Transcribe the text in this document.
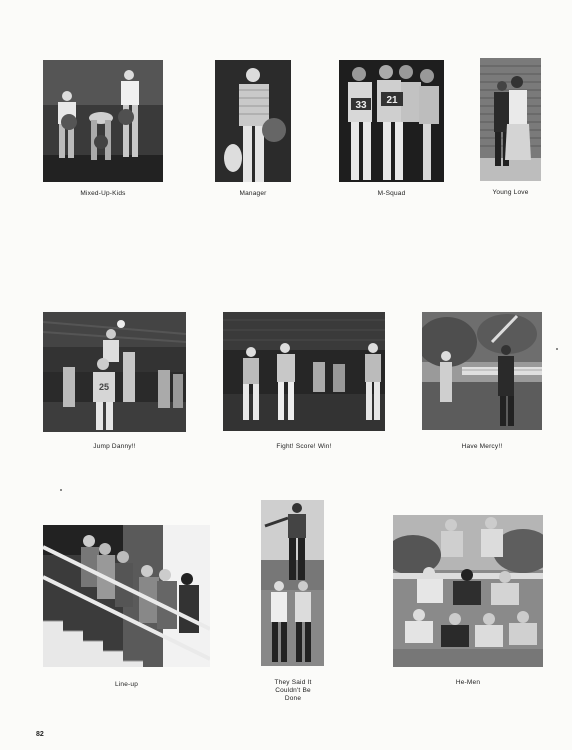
Mixed-Up-Kids	Manager
33 21
M-Squad	Young Love
25
Jump Danny!!	Fight! Score! Win!	Have Mercy!!
Line-up	They Said It
Couldn't Be
Done
He-Men
82
